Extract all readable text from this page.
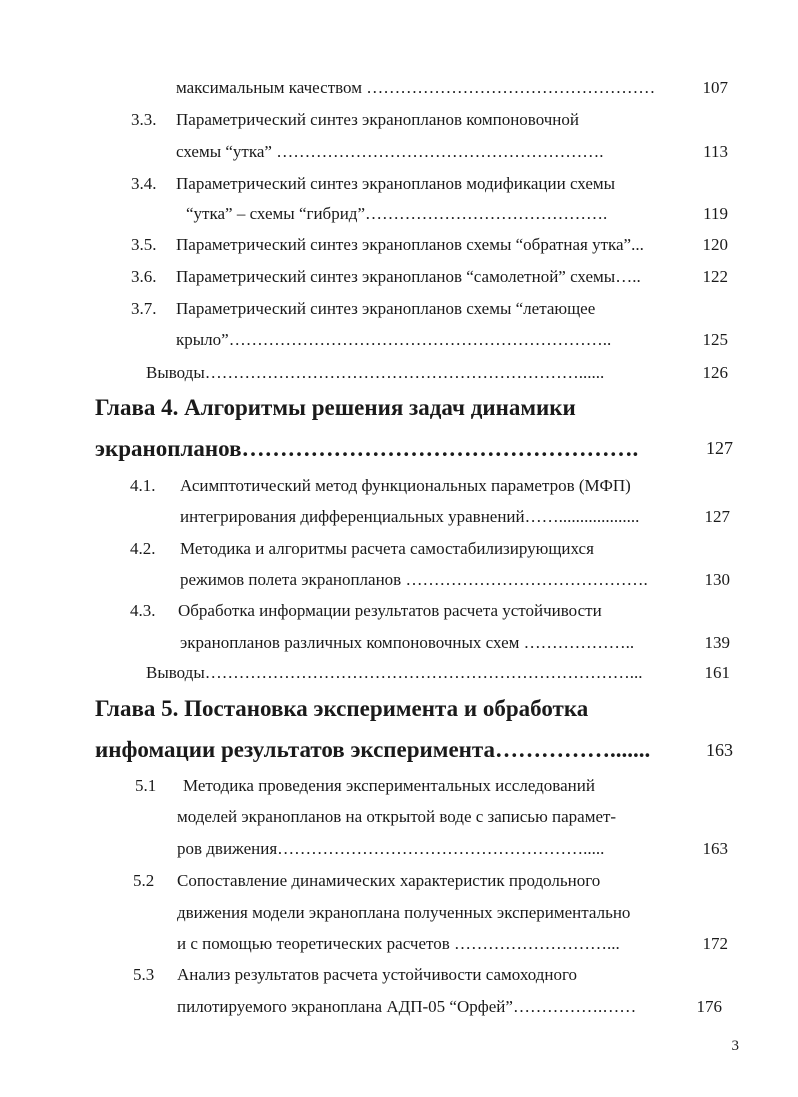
максимальным качеством ……………………………………………	107
3.3. Параметрический синтез экранопланов компоновочной
схемы “утка” ………………………………………………….	113
3.4. Параметрический синтез экранопланов модификации схемы
“утка” – схемы “гибрид”…………………………………….	119
3.5. Параметрический синтез экранопланов схемы “обратная утка”...	120
3.6. Параметрический синтез экранопланов “самолетной” схемы…..	122
3.7. Параметрический синтез экранопланов схемы “летающее
крыло”…………………………………………………………..	125
Выводы…………………………………………………………......	126
Глава 4. Алгоритмы решения задач динамики
экранопланов…………………………………………….	127
4.1. Асимптотический метод функциональных параметров (МФП)
интегрирования дифференциальных уравнений……...................	127
4.2. Методика и алгоритмы расчета самостабилизирующихся
режимов полета экранопланов …………………………………….	130
4.3. Обработка информации результатов расчета устойчивости
экранопланов различных компоновочных схем ………………..	139
Выводы…………………………………………………………………...	161
Глава 5. Постановка эксперимента и обработка
инфомации результатов эксперимента…………….......	163
5.1 Методика проведения экспериментальных исследований
моделей экранопланов на открытой воде с записью парамет-
ров движения……………………………………………….....	163
5.2 Сопоставление динамических характеристик продольного
движения модели экраноплана полученных экспериментально
и с помощью теоретических расчетов ………………………...	172
5.3 Анализ результатов расчета устойчивости самоходного
пилотируемого экраноплана АДП-05 “Орфей”…………….……	176
3
